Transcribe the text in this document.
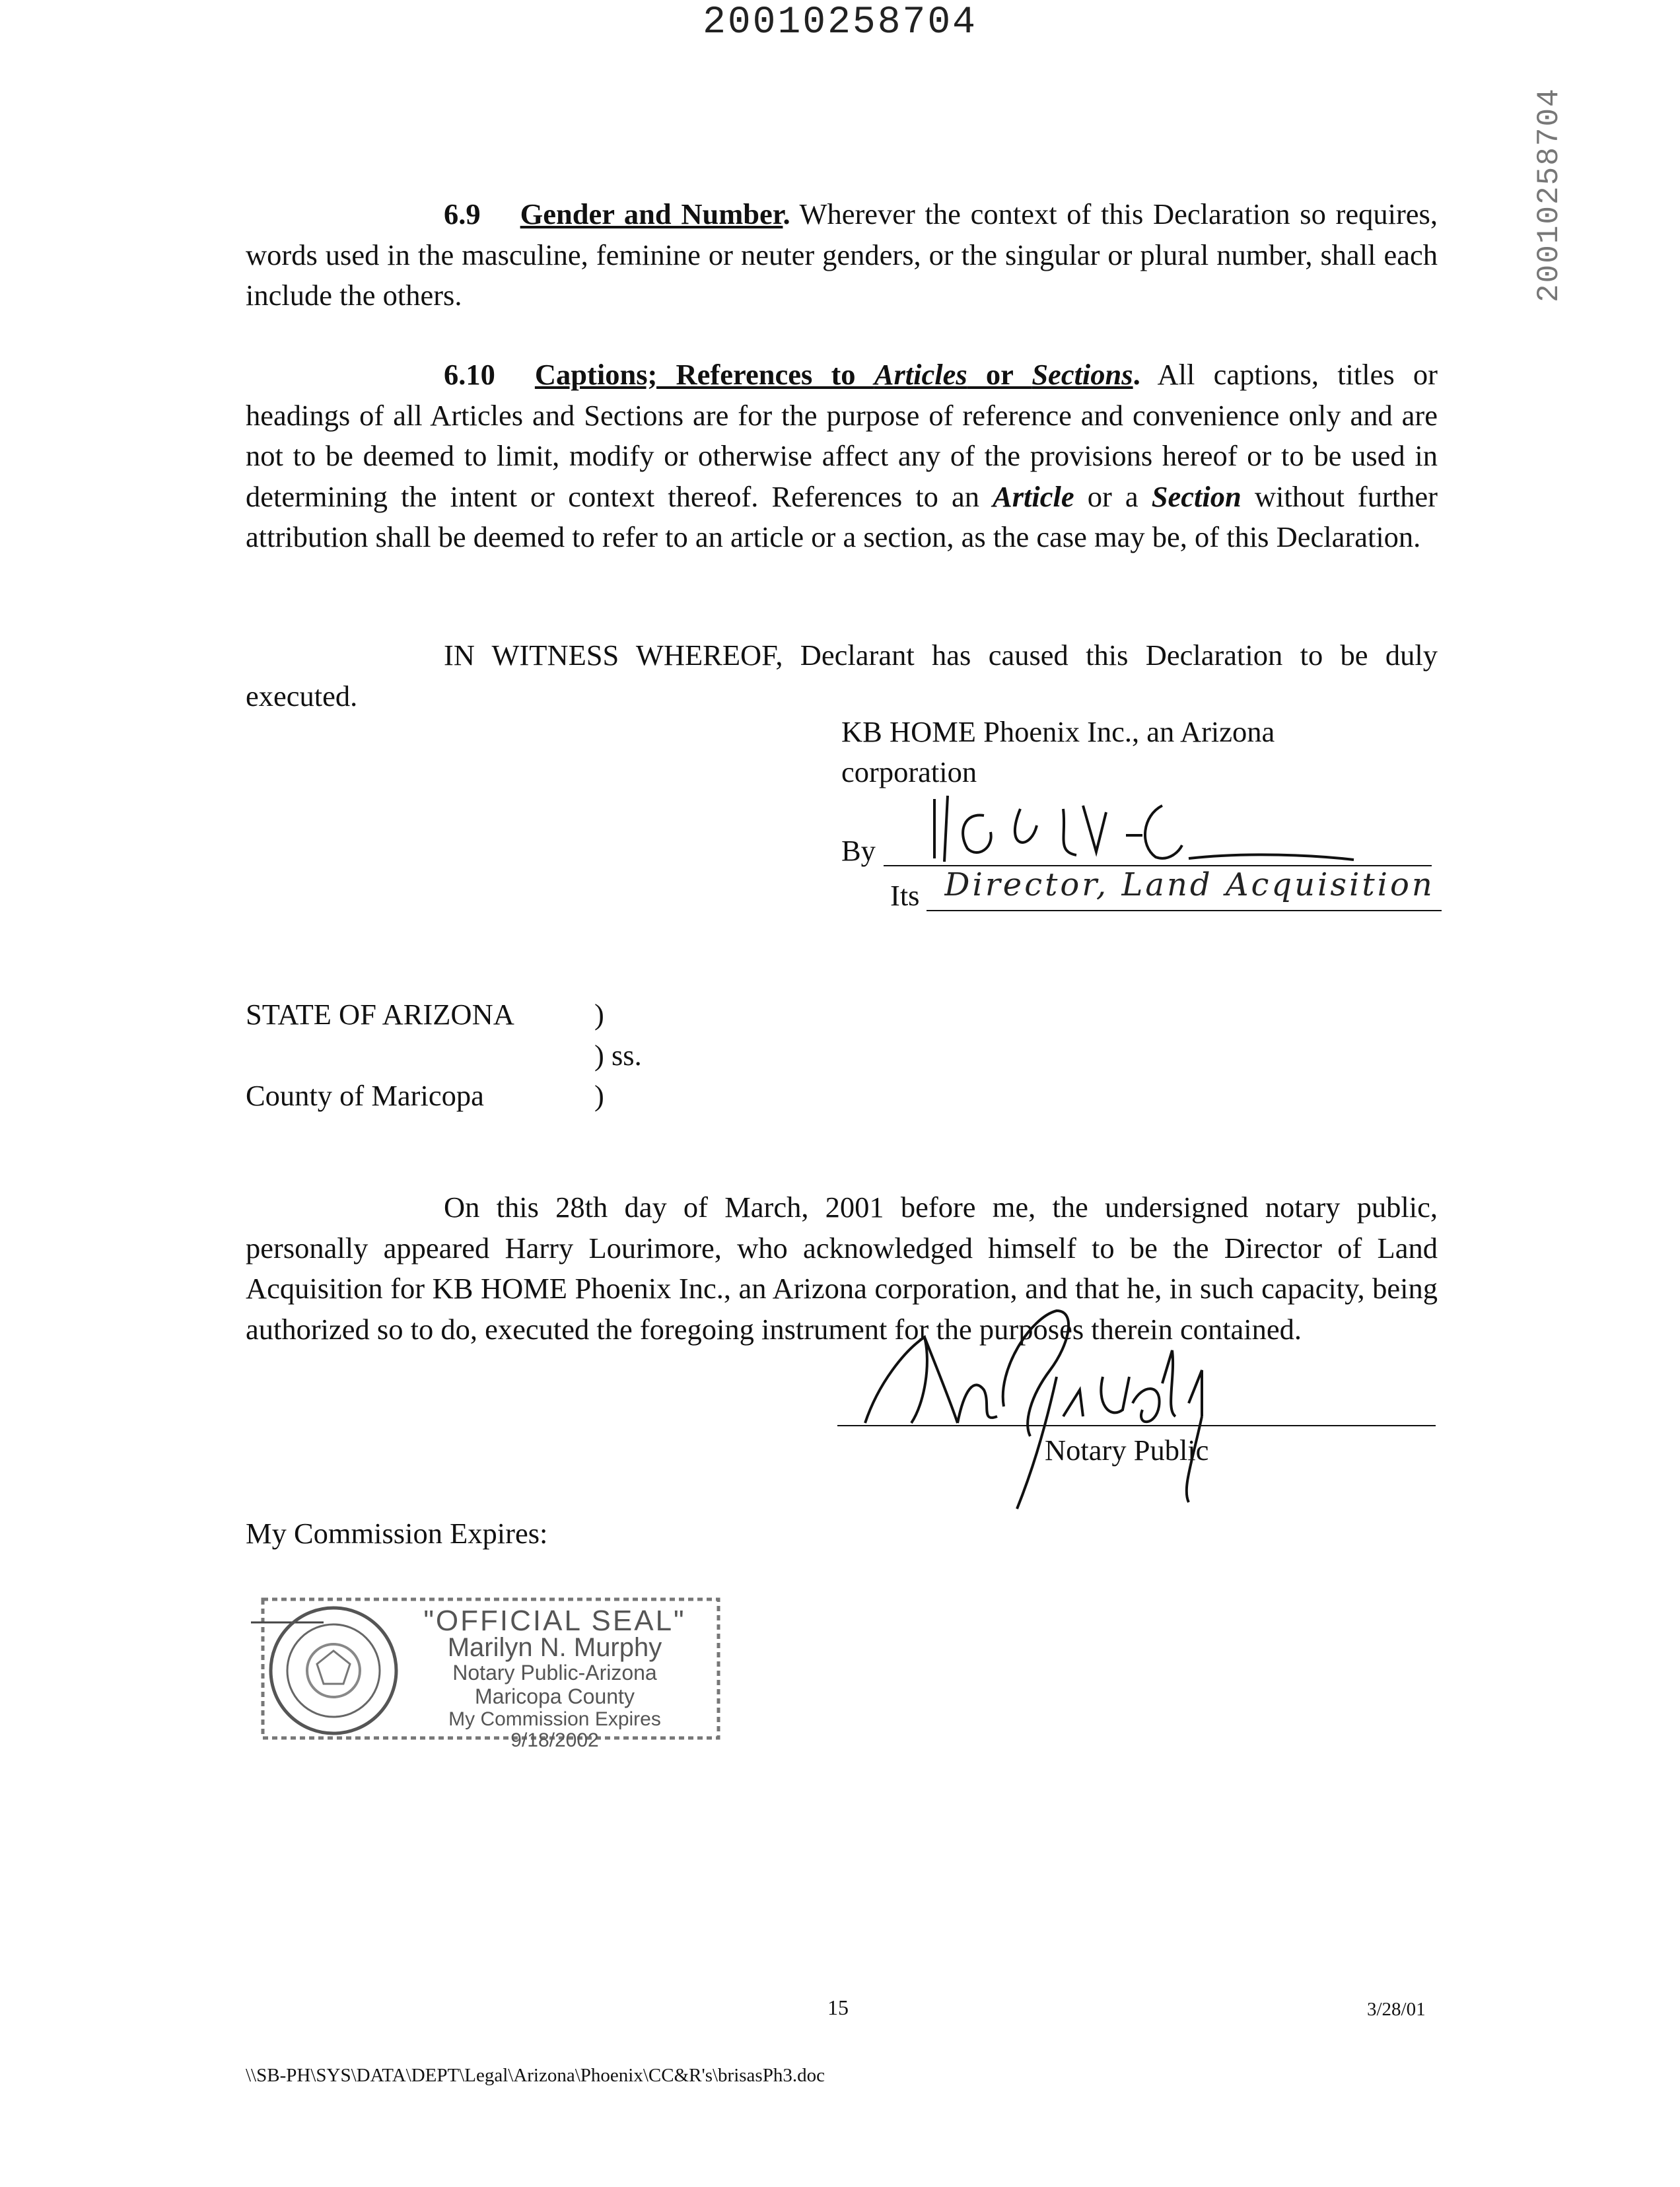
20010258704
20010258704
6.9 Gender and Number. Wherever the context of this Declaration so requires, words used in the masculine, feminine or neuter genders, or the singular or plural number, shall each include the others.
6.10 Captions; References to Articles or Sections. All captions, titles or headings of all Articles and Sections are for the purpose of reference and convenience only and are not to be deemed to limit, modify or otherwise affect any of the provisions hereof or to be used in determining the intent or context thereof. References to an Article or a Section without further attribution shall be deemed to refer to an article or a section, as the case may be, of this Declaration.
IN WITNESS WHEREOF, Declarant has caused this Declaration to be duly executed.
KB HOME Phoenix Inc., an Arizona corporation
By
Its Director, Land Acquisition
STATE OF ARIZONA
County of Maricopa
)
) ss.
)
On this 28th day of March, 2001 before me, the undersigned notary public, personally appeared Harry Lourimore, who acknowledged himself to be the Director of Land Acquisition for KB HOME Phoenix Inc., an Arizona corporation, and that he, in such capacity, being authorized so to do, executed the foregoing instrument for the purposes therein contained.
Notary Public
My Commission Expires:
"OFFICIAL SEAL"
Marilyn N. Murphy
Notary Public-Arizona
Maricopa County
My Commission Expires 9/18/2002
15	3/28/01
\\SB-PH\SYS\DATA\DEPT\Legal\Arizona\Phoenix\CC&R's\brisasPh3.doc
